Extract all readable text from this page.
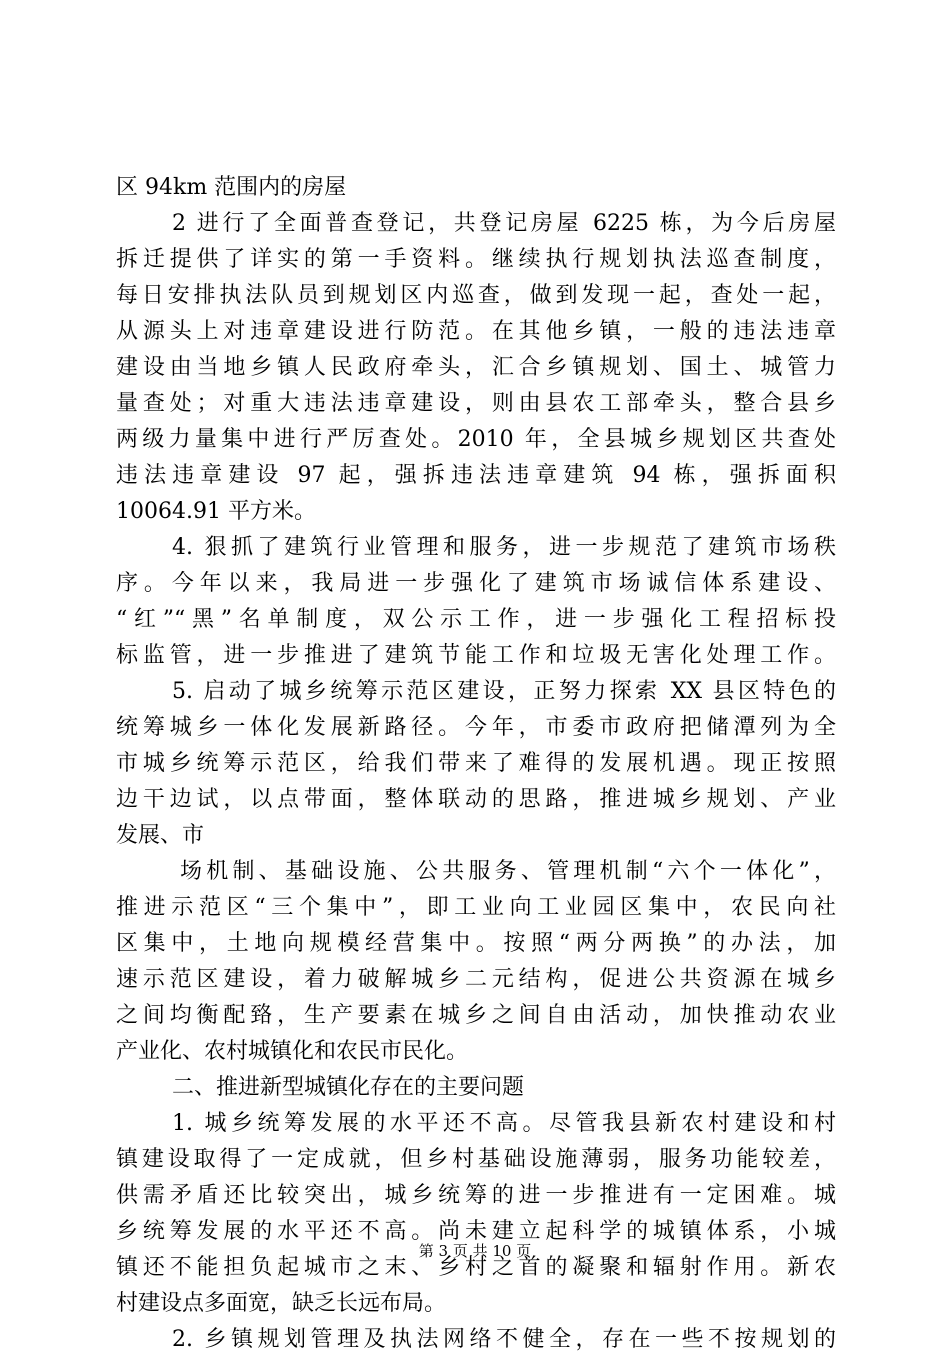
区 94km 范围内的房屋
2 进行了全面普查登记，共登记房屋 6225 栋，为今后房屋
拆迁提供了详实的第一手资料。继续执行规划执法巡查制度，
每日安排执法队员到规划区内巡查，做到发现一起，查处一起，
从源头上对违章建设进行防范。在其他乡镇，一般的违法违章
建设由当地乡镇人民政府牵头，汇合乡镇规划、国土、城管力
量查处；对重大违法违章建设，则由县农工部牵头，整合县乡
两级力量集中进行严厉查处。2010 年，全县城乡规划区共查处
违法违章建设 97 起，强拆违法违章建筑 94 栋，强拆面积
10064.91 平方米。
4. 狠抓了建筑行业管理和服务，进一步规范了建筑市场秩
序。今年以来，我局进一步强化了建筑市场诚信体系建设、
“红”“黑”名单制度，双公示工作，进一步强化工程招标投
标监管，进一步推进了建筑节能工作和垃圾无害化处理工作。
5. 启动了城乡统筹示范区建设，正努力探索 XX 县区特色的
统筹城乡一体化发展新路径。今年，市委市政府把储潭列为全
市城乡统筹示范区，给我们带来了难得的发展机遇。现正按照
边干边试，以点带面，整体联动的思路，推进城乡规划、产业
发展、市
场机制、基础设施、公共服务、管理机制“六个一体化”，
推进示范区“三个集中”，即工业向工业园区集中，农民向社
区集中，土地向规模经营集中。按照“两分两换”的办法，加
速示范区建设，着力破解城乡二元结构，促进公共资源在城乡
之间均衡配臵，生产要素在城乡之间自由活动，加快推动农业
产业化、农村城镇化和农民市民化。
二、推进新型城镇化存在的主要问题
1. 城乡统筹发展的水平还不高。尽管我县新农村建设和村
镇建设取得了一定成就，但乡村基础设施薄弱，服务功能较差，
供需矛盾还比较突出，城乡统筹的进一步推进有一定困难。城
乡统筹发展的水平还不高。尚未建立起科学的城镇体系，小城
镇还不能担负起城市之末、乡村之首的凝聚和辐射作用。新农
村建设点多面宽，缺乏长远布局。
2. 乡镇规划管理及执法网络不健全，存在一些不按规划的
第 3 页 共 10 页
